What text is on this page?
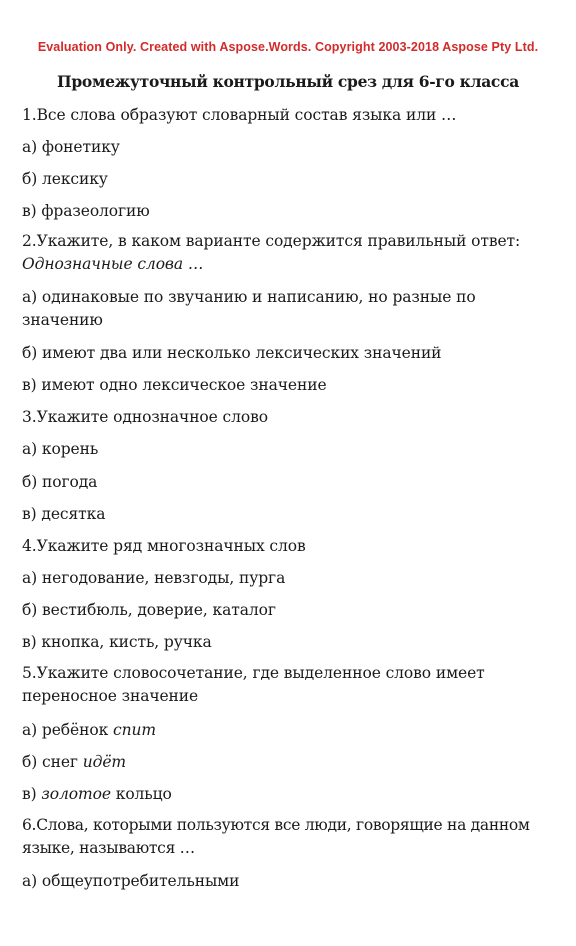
Evaluation Only. Created with Aspose.Words. Copyright 2003-2018 Aspose Pty Ltd.
Промежуточный контрольный срез для 6-го класса
1.Все слова образуют словарный состав языка или …
а) фонетику
б) лексику
в) фразеологию
2.Укажите, в каком варианте содержится правильный ответ: Однозначные слова …
а) одинаковые по звучанию и написанию, но разные по значению
б) имеют два или несколько лексических значений
в) имеют одно лексическое значение
3.Укажите однозначное слово
а) корень
б) погода
в) десятка
4.Укажите ряд многозначных слов
а) негодование, невзгоды, пурга
б) вестибюль, доверие, каталог
в) кнопка, кисть, ручка
5.Укажите словосочетание, где выделенное слово имеет переносное значение
а) ребёнок спит
б) снег идёт
в) золотое кольцо
6.Слова, которыми пользуются все люди, говорящие на данном языке, называются …
а) общеупотребительными
